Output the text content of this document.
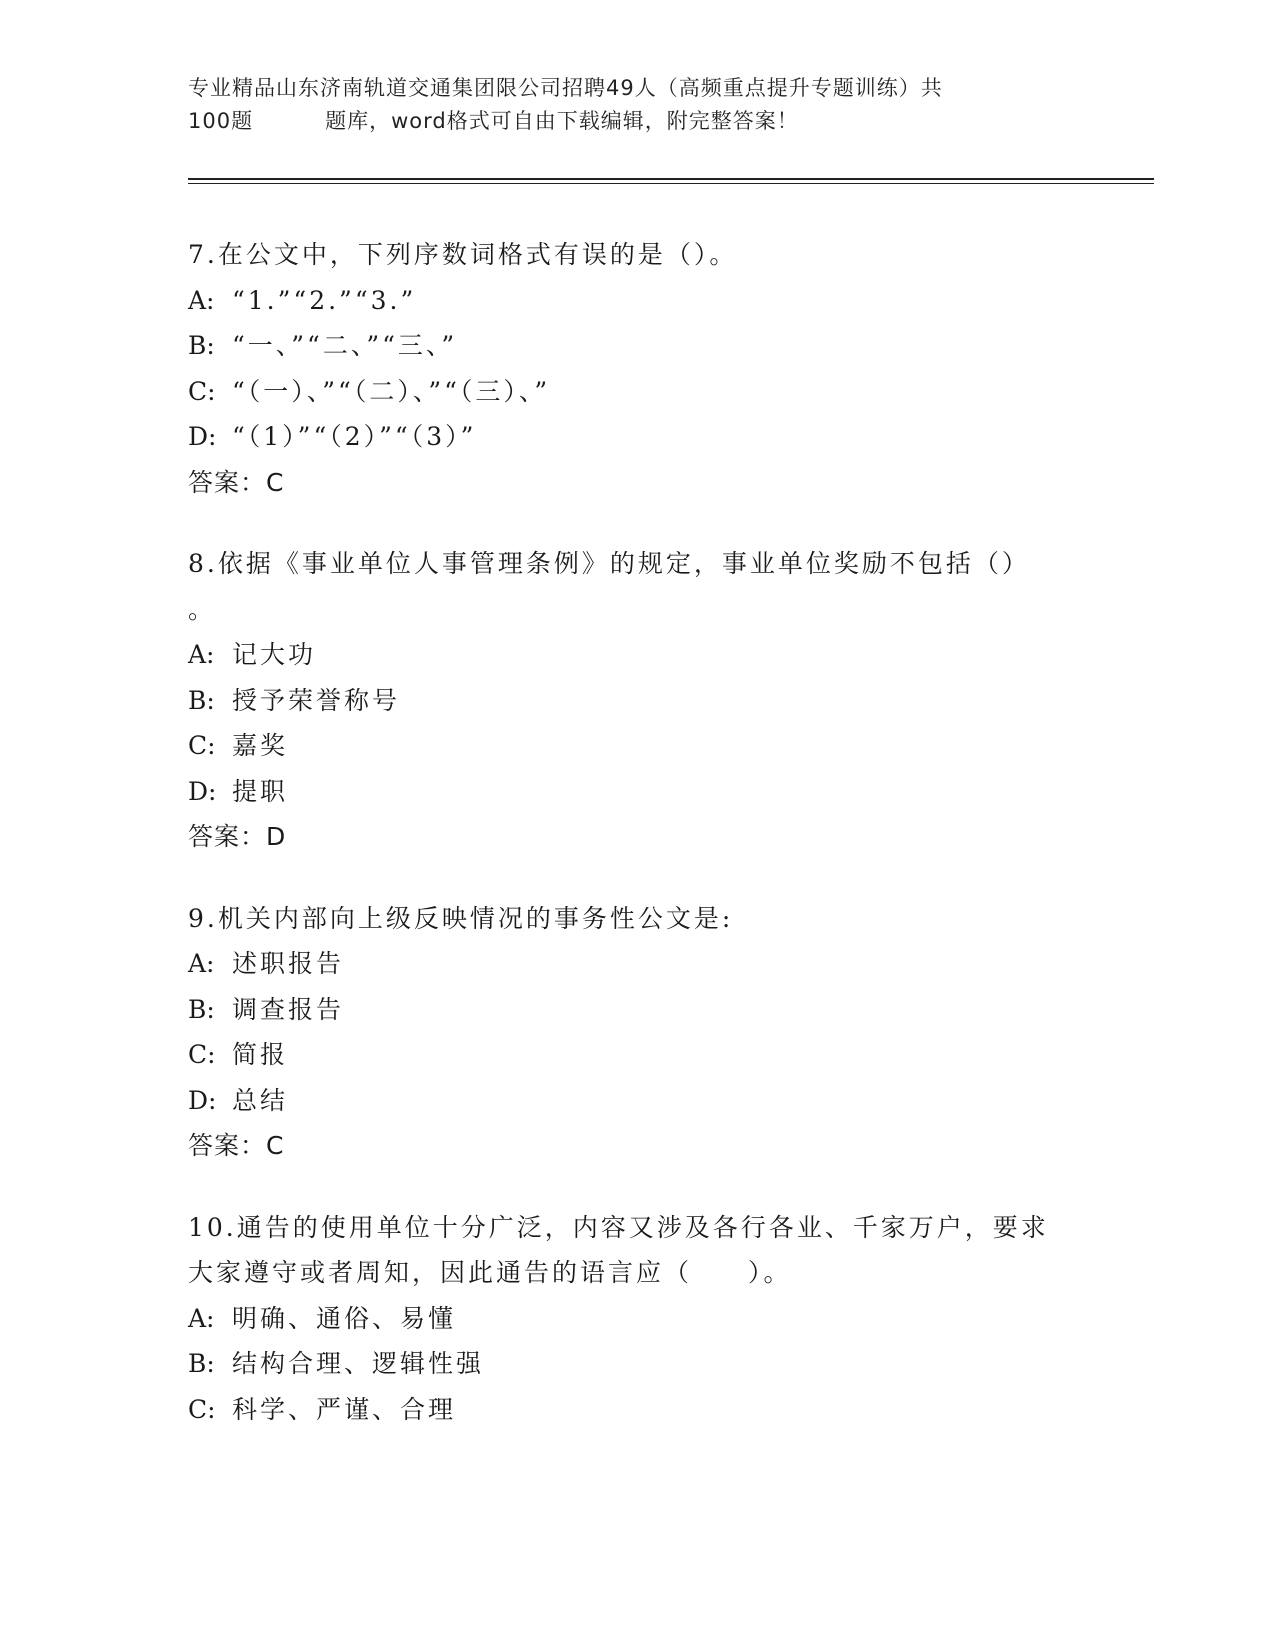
专业精品山东济南轨道交通集团限公司招聘49人（高频重点提升专题训练）共
100题	题库，word格式可自由下载编辑，附完整答案！

7.在公文中，下列序数词格式有误的是（）。

A: “1.”“2.”“3.”

B: “一、”“二、”“三、”

C: “（一）、”“（二）、”“（三）、”

D: “（1）”“（2）”“（3）”

答案：C

8.依据《事业单位人事管理条例》的规定，事业单位奖励不包括（）

。

A: 记大功

B: 授予荣誉称号

C: 嘉奖

D: 提职

答案：D

9.机关内部向上级反映情况的事务性公文是:

A: 述职报告

B: 调查报告

C: 简报

D: 总结

答案：C

10.通告的使用单位十分广泛，内容又涉及各行各业、千家万户，要求

大家遵守或者周知，因此通告的语言应（　　）。

A: 明确、通俗、易懂

B: 结构合理、逻辑性强

C: 科学、严谨、合理
